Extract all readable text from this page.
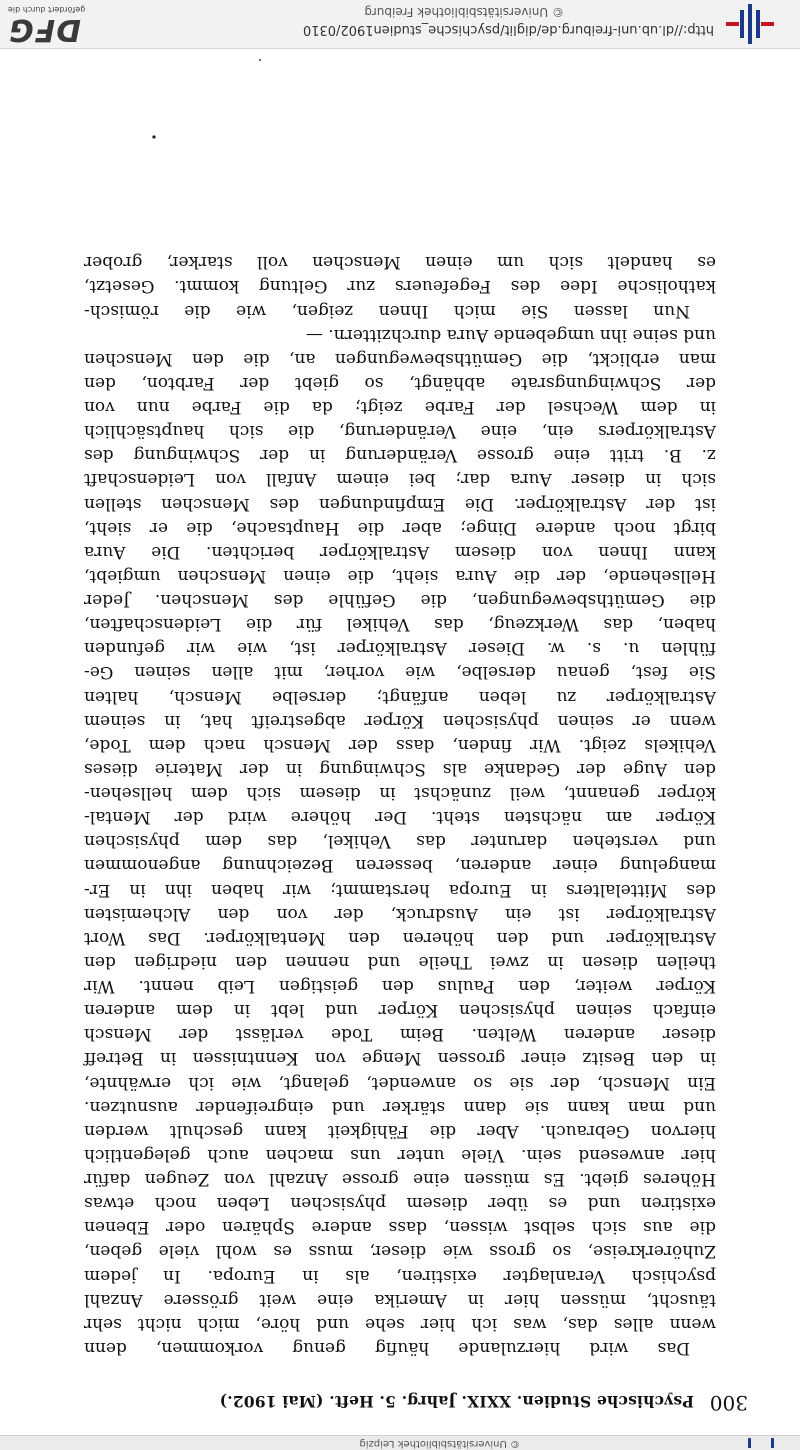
© Universitätsbibliothek Leipzig
300
Psychische Studien. XXIX. Jahrg. 5. Heft. (Mai 1902.)
Das wird hierzulande häufig genug vorkommen, denn
wenn alles das, was ich hier sehe und höre, mich nicht sehr
täuscht, müssen hier in Amerika eine weit grössere Anzahl
psychisch Veranlagter existiren, als in Europa. In jedem
Zuhörerkreise, so gross wie dieser, muss es wohl viele geben,
die aus sich selbst wissen, dass andere Sphären oder Ebenen
existiren und es über diesem physischen Leben noch etwas
Höheres giebt. Es müssen eine grosse Anzahl von Zeugen dafür
hier anwesend sein. Viele unter uns machen auch gelegentlich
hiervon Gebrauch. Aber die Fähigkeit kann geschult werden
und man kann sie dann stärker und eingreifender ausnutzen.
Ein Mensch, der sie so anwendet, gelangt, wie ich erwähnte,
in den Besitz einer grossen Menge von Kenntnissen in Betreff
dieser anderen Welten. Beim Tode verlässt der Mensch
einfach seinen physischen Körper und lebt in dem anderen
Körper weiter, den Paulus den geistigen Leib nennt. Wir
theilen diesen in zwei Theile und nennen den niedrigen den
Astralkörper und den höheren den Mentalkörper. Das Wort
Astralkörper ist ein Ausdruck, der von den Alchemisten
des Mittelalters in Europa herstammt; wir haben ihn in Er-
mangelung einer anderen, besseren Bezeichnung angenommen
und verstehen darunter das Vehikel, das dem physischen
Körper am nächsten steht. Der höhere wird der Mental-
körper genannt, weil zunächst in diesem sich dem hellsehen-
den Auge der Gedanke als Schwingung in der Materie dieses
Vehikels zeigt. Wir finden, dass der Mensch nach dem Tode,
wenn er seinen physischen Körper abgestreift hat, in seinem
Astralkörper zu leben anfängt; derselbe Mensch, halten
Sie fest, genau derselbe, wie vorher, mit allen seinen Ge-
fühlen u. s. w. Dieser Astralkörper ist, wie wir gefunden
haben, das Werkzeug, das Vehikel für die Leidenschaften,
die Gemüthsbewegungen, die Gefühle des Menschen. Jeder
Hellsehende, der die Aura sieht, die einen Menschen umgiebt,
kann Ihnen von diesem Astralkörper berichten. Die Aura
birgt noch andere Dinge; aber die Hauptsache, die er sieht,
ist der Astralkörper. Die Empfindungen des Menschen stellen
sich in dieser Aura dar; bei einem Anfall von Leidenschaft
z. B. tritt eine grosse Veränderung in der Schwingung des
Astralkörpers ein, eine Veränderung, die sich hauptsächlich
in dem Wechsel der Farbe zeigt; da die Farbe nun von
der Schwingungsrate abhängt, so giebt der Farbton, den
man erblickt, die Gemüthsbewegungen an, die den Menschen
und seine ihn umgebende Aura durchzittern. —
Nun lassen Sie mich Ihnen zeigen, wie die römisch-
katholische Idee des Fegefeuers zur Geltung kommt. Gesetzt,
es handelt sich um einen Menschen voll starker, grober
http://dl.ub.uni-freiburg.de/diglit/psychische_studien1902/0310
© Universitätsbibliothek Freiburg
DFG
gefördert durch die
